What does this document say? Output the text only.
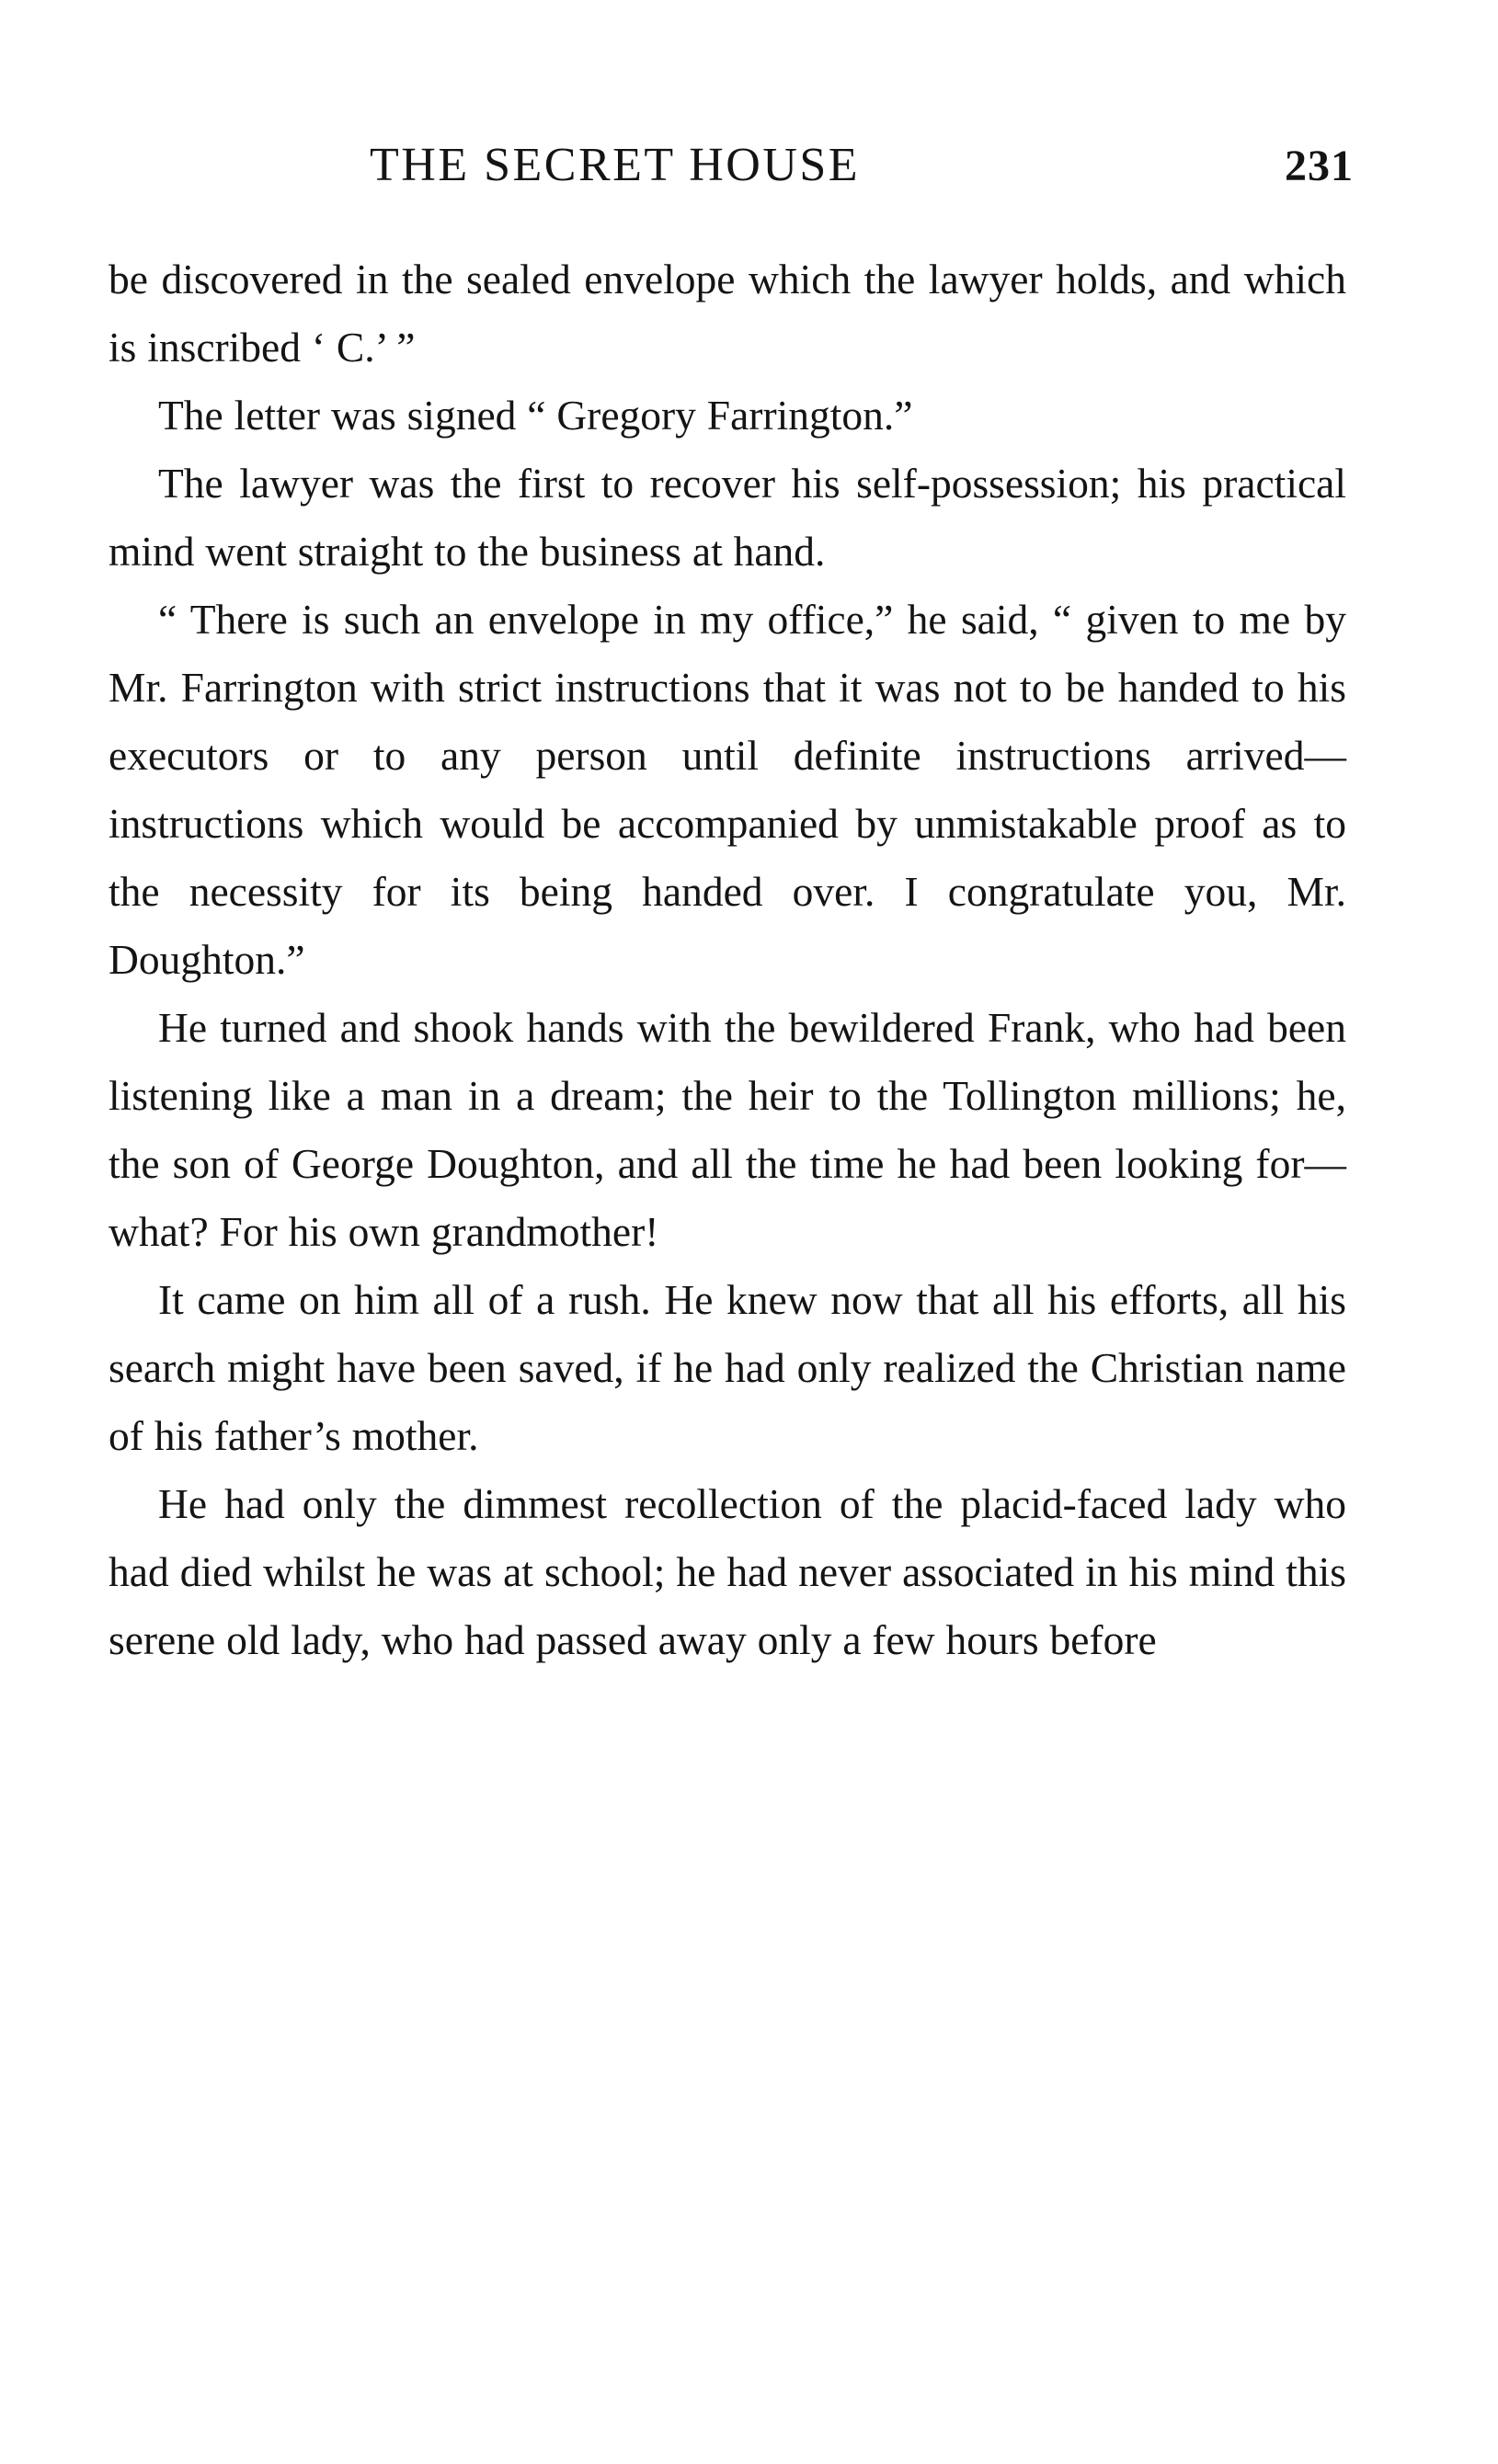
THE SECRET HOUSE	231

be discovered in the sealed envelope which the lawyer holds, and which is inscribed ‘ C.’ ”

The letter was signed “ Gregory Farrington.”

The lawyer was the first to recover his self-possession; his practical mind went straight to the business at hand.

“ There is such an envelope in my office,” he said, “ given to me by Mr. Farrington with strict instructions that it was not to be handed to his executors or to any person until definite instructions arrived—instructions which would be accompanied by unmistakable proof as to the necessity for its being handed over. I congratulate you, Mr. Doughton.”

He turned and shook hands with the bewildered Frank, who had been listening like a man in a dream; the heir to the Tollington millions; he, the son of George Doughton, and all the time he had been looking for—what? For his own grandmother!

It came on him all of a rush. He knew now that all his efforts, all his search might have been saved, if he had only realized the Christian name of his father’s mother.

He had only the dimmest recollection of the placid-faced lady who had died whilst he was at school; he had never associated in his mind this serene old lady, who had passed away only a few hours before
